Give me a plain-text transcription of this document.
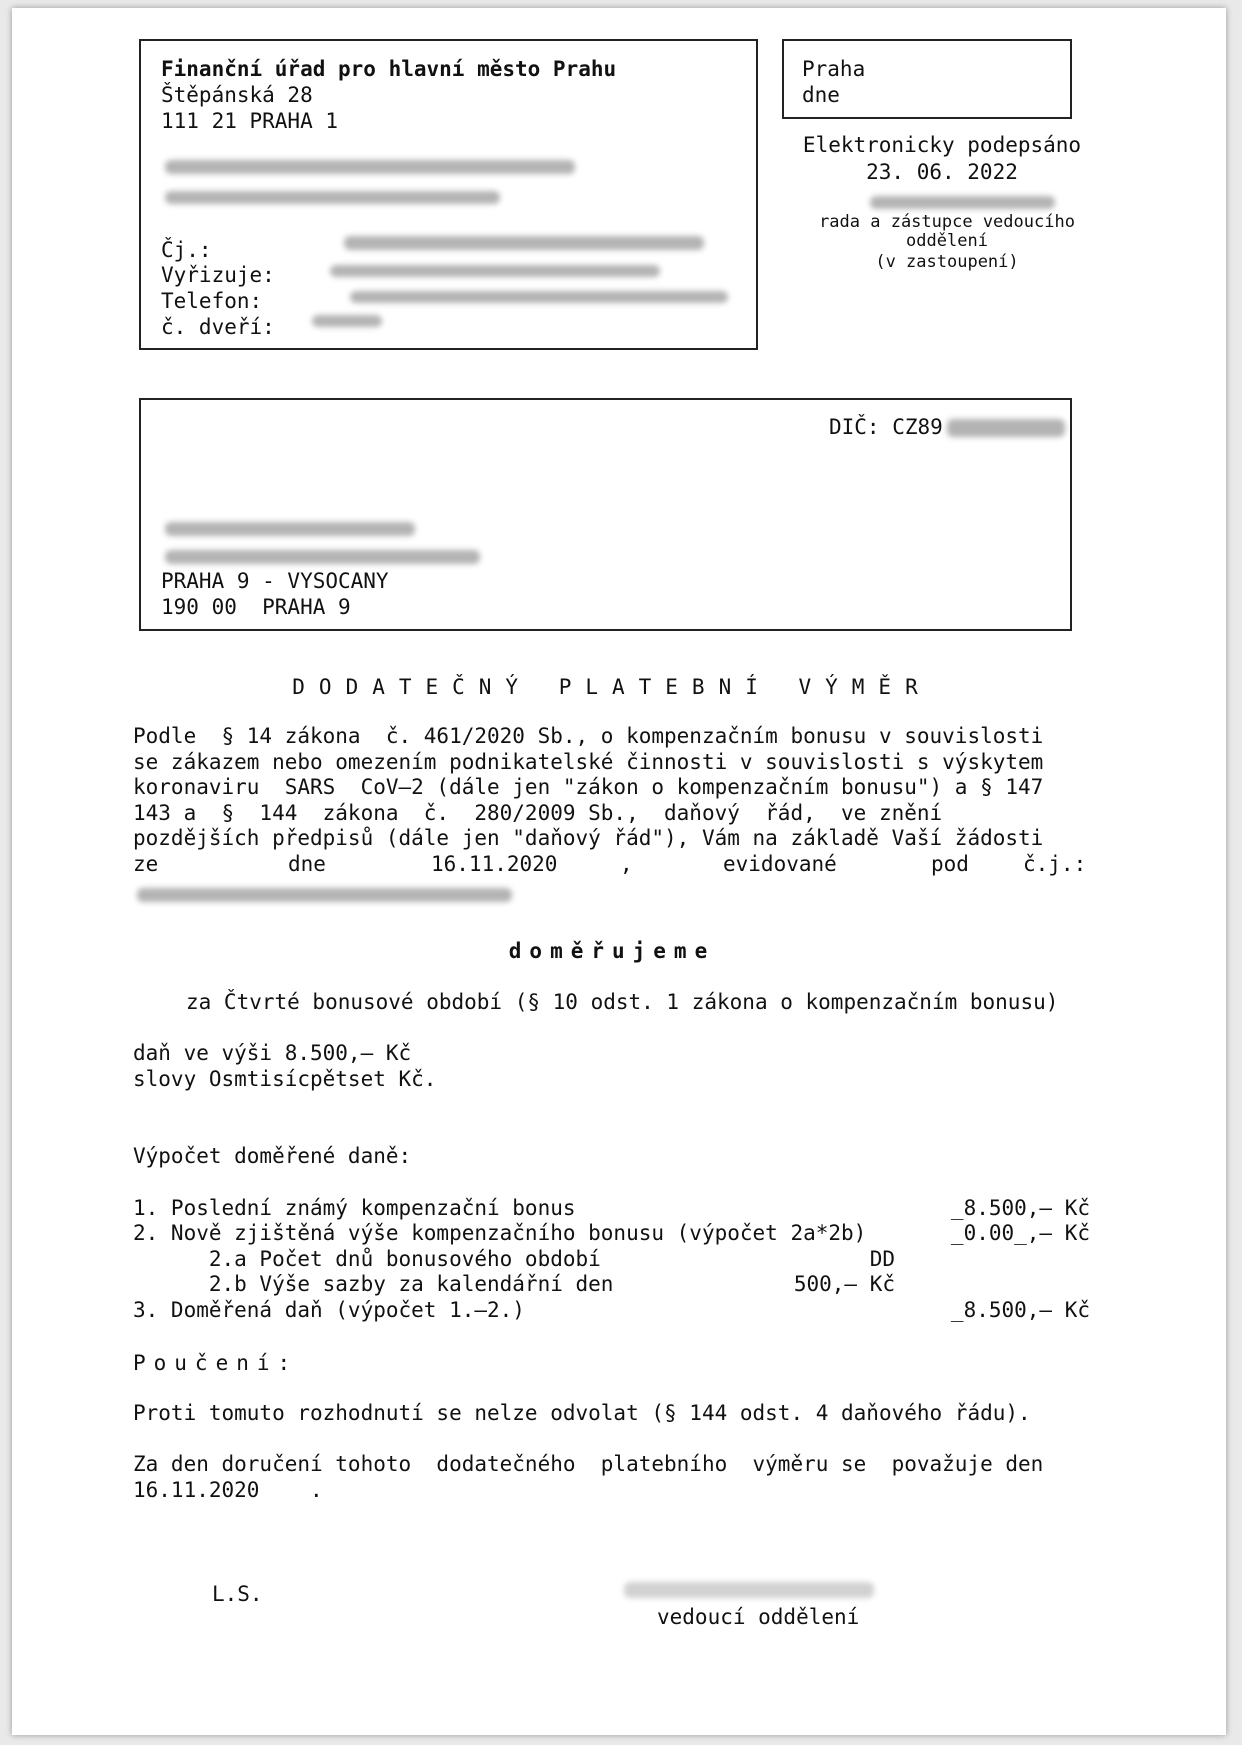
Finanční úřad pro hlavní město Prahu
Štěpánská 28
111 21 PRAHA 1
Čj.:
Vyřizuje:
Telefon:
č. dveří:
Praha
dne
Elektronicky podepsáno
23. 06. 2022
rada a zástupce vedoucího
oddělení
(v zastoupení)
DIČ: CZ89
PRAHA 9 - VYSOCANY
190 00  PRAHA 9
DODATEČNÝ PLATEBNÍ VÝMĚR
Podle  § 14 zákona  č. 461/2020 Sb., o kompenzačním bonusu v souvislosti
se zákazem nebo omezením podnikatelské činnosti v souvislosti s výskytem
koronaviru  SARS  CoV‒2 (dále jen "zákon o kompenzačním bonusu") a § 147
143 a  §  144  zákona  č.  280/2009 Sb.,  daňový  řád,  ve znění
pozdějších předpisů (dále jen "daňový řád"), Vám na základě Vaší žádosti
ze	dne	16.11.2020	,	evidované	pod	č.j.:
doměřujeme
za Čtvrté bonusové období (§ 10 odst. 1 zákona o kompenzačním bonusu)
daň ve výši 8.500,‒ Kč
slovy Osmtisícpětset Kč.
Výpočet doměřené daně:
1. Poslední známý kompenzační bonus	_8.500,‒ Kč
2. Nově zjištěná výše kompenzačního bonusu (výpočet 2a*2b)	_0.00_,‒ Kč
2.a Počet dnů bonusového období	DD
2.b Výše sazby za kalendářní den	500,‒ Kč
3. Doměřená daň (výpočet 1.‒2.)	_8.500,‒ Kč
Poučení:
Proti tomuto rozhodnutí se nelze odvolat (§ 144 odst. 4 daňového řádu).
Za den doručení tohoto  dodatečného  platebního  výměru se  považuje den
16.11.2020    .
L.S.
vedoucí oddělení
